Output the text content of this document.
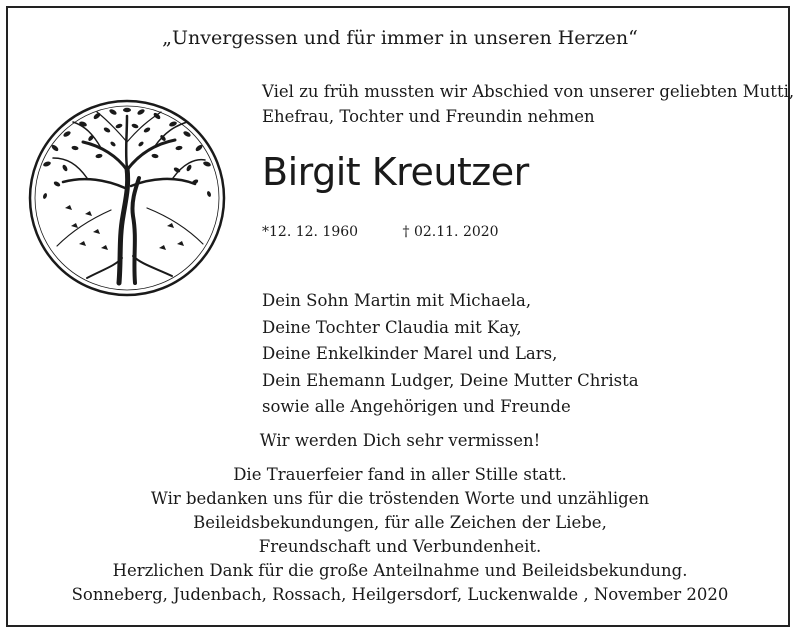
„Unvergessen und für immer in unseren Herzen“
Viel zu früh mussten wir Abschied von unserer geliebten Mutti,
Ehefrau, Tochter und Freundin nehmen
Birgit Kreutzer
*12. 12. 1960	† 02.11. 2020
Dein Sohn Martin mit Michaela,
Deine Tochter Claudia mit Kay,
Deine Enkelkinder Marel und Lars,
Dein Ehemann Ludger, Deine Mutter Christa
sowie alle Angehörigen und Freunde
Wir werden Dich sehr vermissen!
Die Trauerfeier fand in aller Stille statt.
Wir bedanken uns für die tröstenden Worte und unzähligen
Beileidsbekundungen, für alle Zeichen der Liebe,
Freundschaft und Verbundenheit.
Herzlichen Dank für die große Anteilnahme und Beileidsbekundung.
Sonneberg, Judenbach, Rossach, Heilgersdorf, Luckenwalde , November 2020
